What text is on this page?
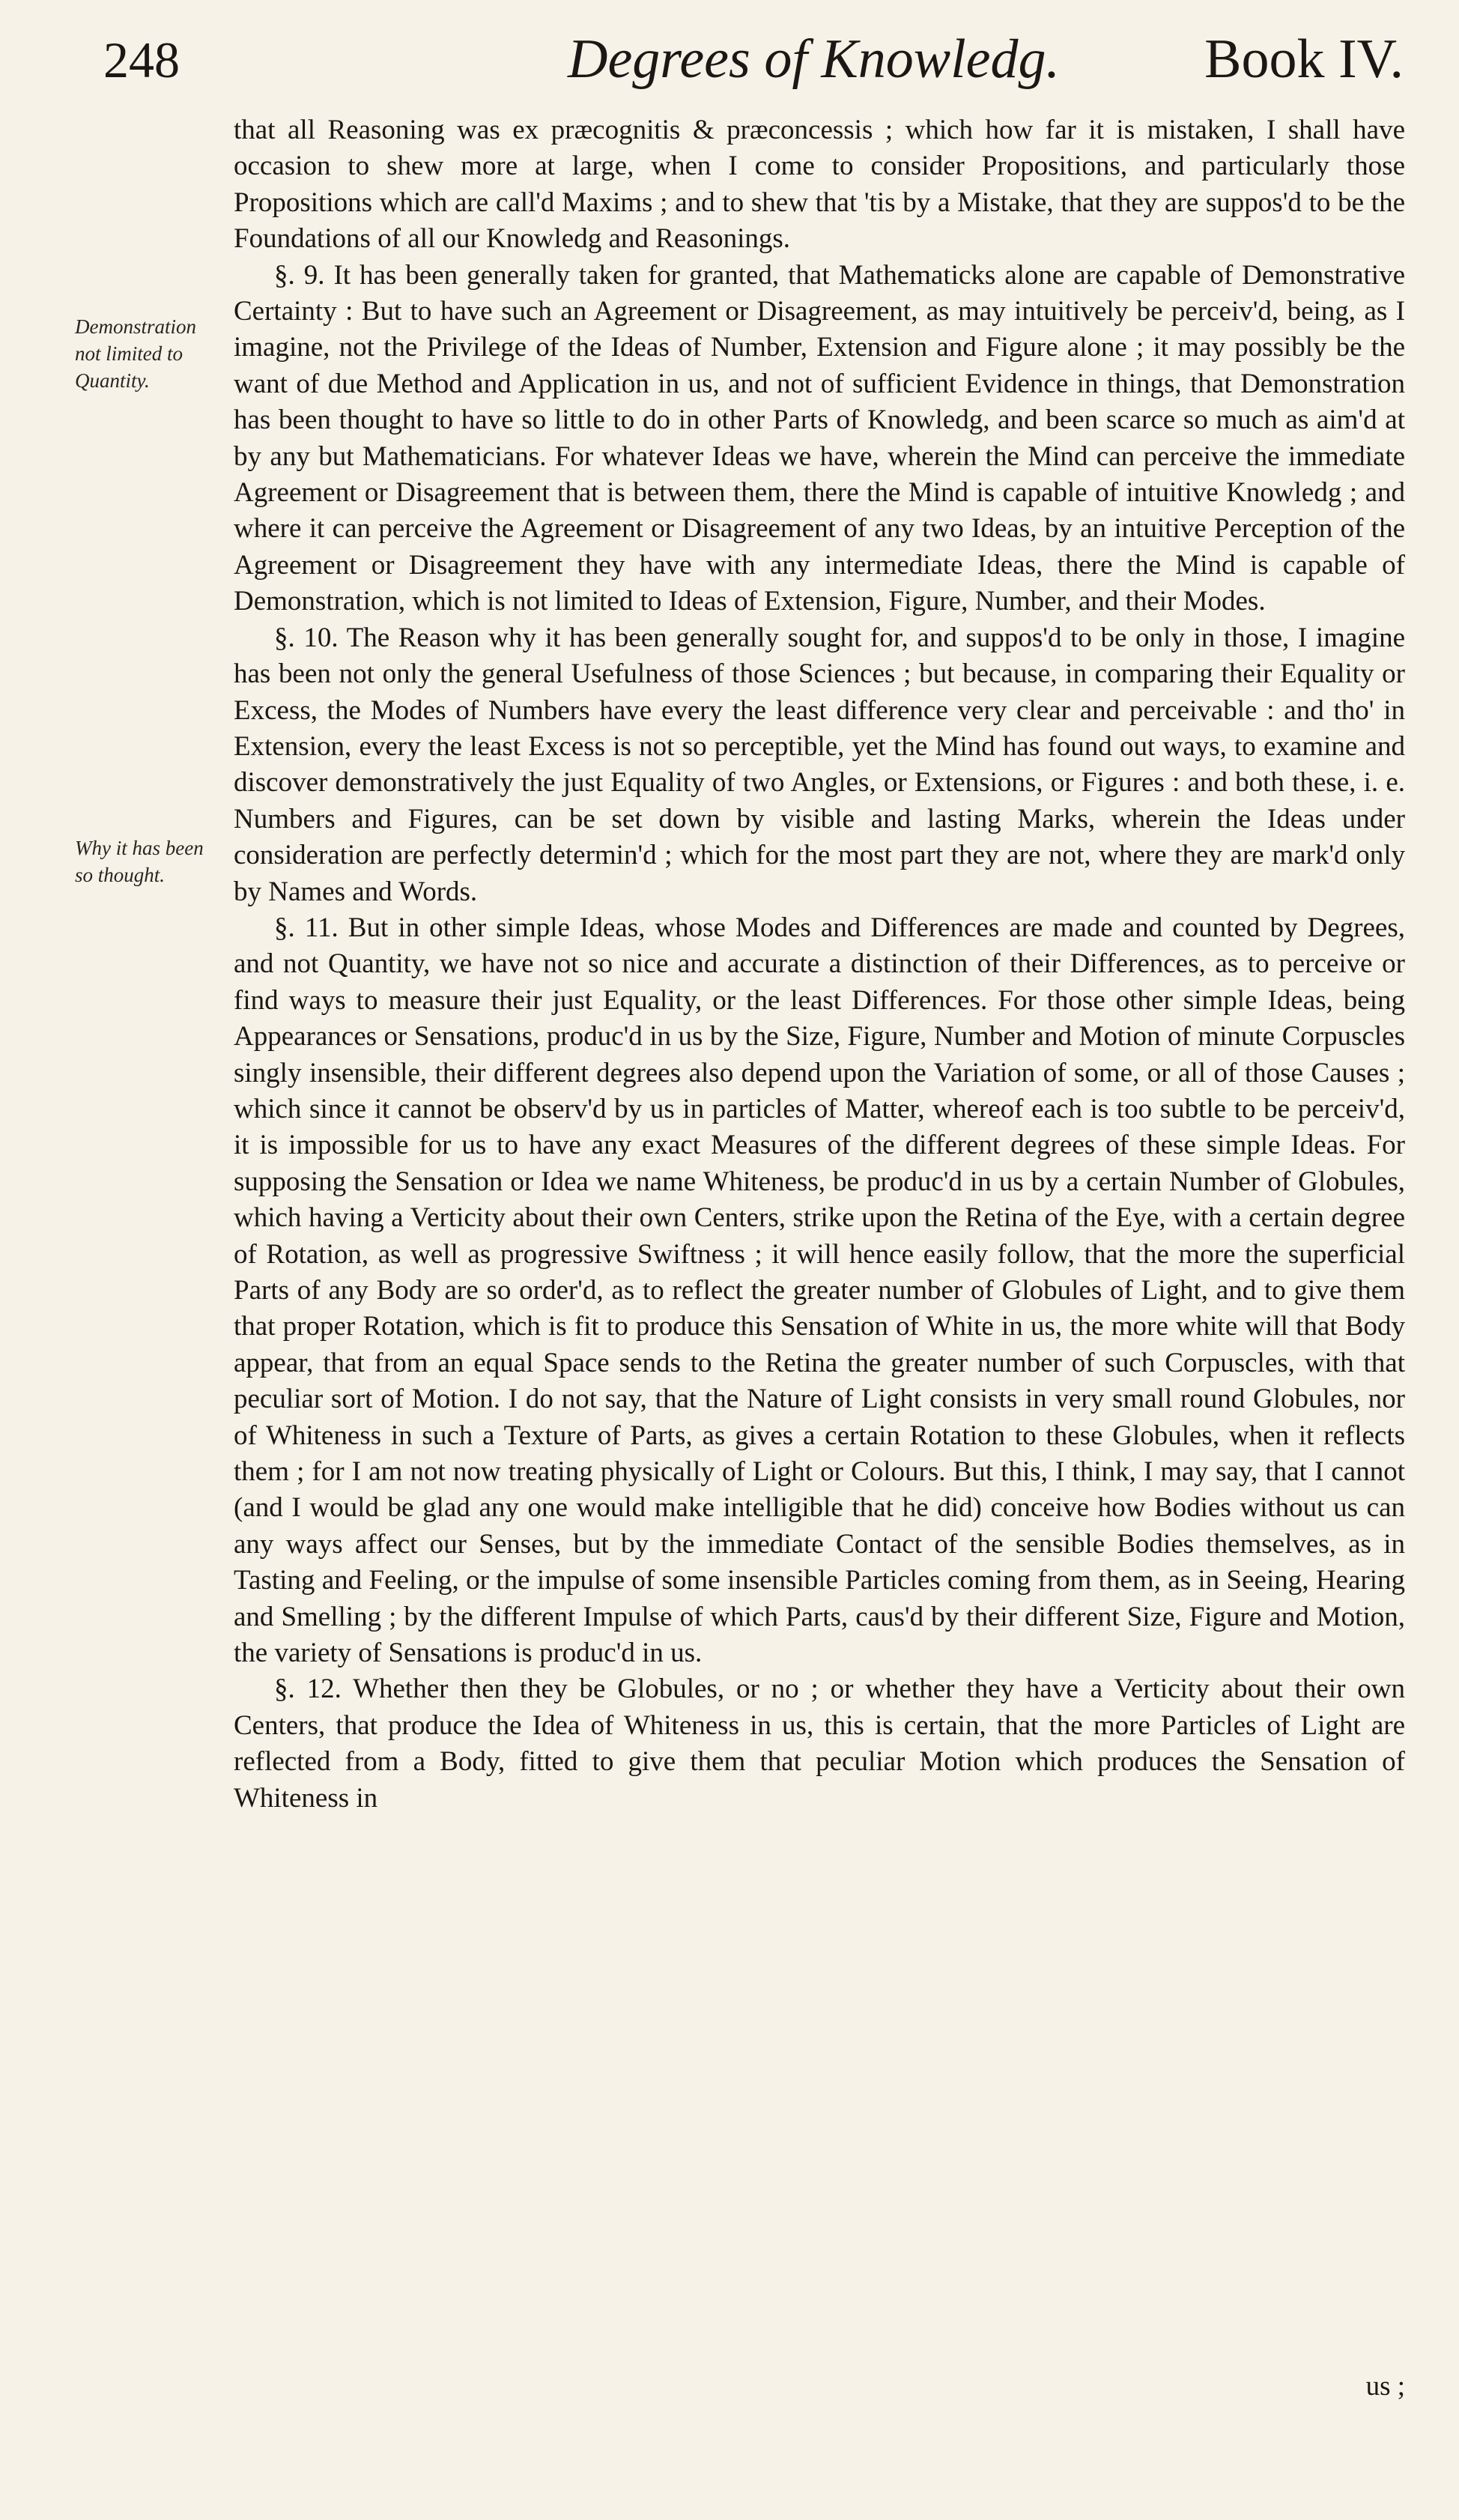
248	Degrees of Knowledg.	Book IV.
Demonstration not limited to Quantity.
Why it has been so thought.

that all Reasoning was ex præcognitis & præconcessis ; which how far it is mistaken, I shall have occasion to shew more at large, when I come to consider Propositions, and particularly those Propositions which are call'd Maxims ; and to shew that 'tis by a Mistake, that they are suppos'd to be the Foundations of all our Knowledg and Reasonings.

§. 9. It has been generally taken for granted, that Mathematicks alone are capable of Demonstrative Certainty : But to have such an Agreement or Disagreement, as may intuitively be perceiv'd, being, as I imagine, not the Privilege of the Ideas of Number, Extension and Figure alone ; it may possibly be the want of due Method and Application in us, and not of sufficient Evidence in things, that Demonstration has been thought to have so little to do in other Parts of Knowledg, and been scarce so much as aim'd at by any but Mathematicians. For whatever Ideas we have, wherein the Mind can perceive the immediate Agreement or Disagreement that is between them, there the Mind is capable of intuitive Knowledg ; and where it can perceive the Agreement or Disagreement of any two Ideas, by an intuitive Perception of the Agreement or Disagreement they have with any intermediate Ideas, there the Mind is capable of Demonstration, which is not limited to Ideas of Extension, Figure, Number, and their Modes.

§. 10. The Reason why it has been generally sought for, and suppos'd to be only in those, I imagine has been not only the general Usefulness of those Sciences ; but because, in comparing their Equality or Excess, the Modes of Numbers have every the least difference very clear and perceivable : and tho' in Extension, every the least Excess is not so perceptible, yet the Mind has found out ways, to examine and discover demonstratively the just Equality of two Angles, or Extensions, or Figures : and both these, i. e. Numbers and Figures, can be set down by visible and lasting Marks, wherein the Ideas under consideration are perfectly determin'd ; which for the most part they are not, where they are mark'd only by Names and Words.

§. 11. But in other simple Ideas, whose Modes and Differences are made and counted by Degrees, and not Quantity, we have not so nice and accurate a distinction of their Differences, as to perceive or find ways to measure their just Equality, or the least Differences. For those other simple Ideas, being Appearances or Sensations, produc'd in us by the Size, Figure, Number and Motion of minute Corpuscles singly insensible, their different degrees also depend upon the Variation of some, or all of those Causes ; which since it cannot be observ'd by us in particles of Matter, whereof each is too subtle to be perceiv'd, it is impossible for us to have any exact Measures of the different degrees of these simple Ideas. For supposing the Sensation or Idea we name Whiteness, be produc'd in us by a certain Number of Globules, which having a Verticity about their own Centers, strike upon the Retina of the Eye, with a certain degree of Rotation, as well as progressive Swiftness ; it will hence easily follow, that the more the superficial Parts of any Body are so order'd, as to reflect the greater number of Globules of Light, and to give them that proper Rotation, which is fit to produce this Sensation of White in us, the more white will that Body appear, that from an equal Space sends to the Retina the greater number of such Corpuscles, with that peculiar sort of Motion. I do not say, that the Nature of Light consists in very small round Globules, nor of Whiteness in such a Texture of Parts, as gives a certain Rotation to these Globules, when it reflects them ; for I am not now treating physically of Light or Colours. But this, I think, I may say, that I cannot (and I would be glad any one would make intelligible that he did) conceive how Bodies without us can any ways affect our Senses, but by the immediate Contact of the sensible Bodies themselves, as in Tasting and Feeling, or the impulse of some insensible Particles coming from them, as in Seeing, Hearing and Smelling ; by the different Impulse of which Parts, caus'd by their different Size, Figure and Motion, the variety of Sensations is produc'd in us.

§. 12. Whether then they be Globules, or no ; or whether they have a Verticity about their own Centers, that produce the Idea of Whiteness in us, this is certain, that the more Particles of Light are reflected from a Body, fitted to give them that peculiar Motion which produces the Sensation of Whiteness in

us ;
